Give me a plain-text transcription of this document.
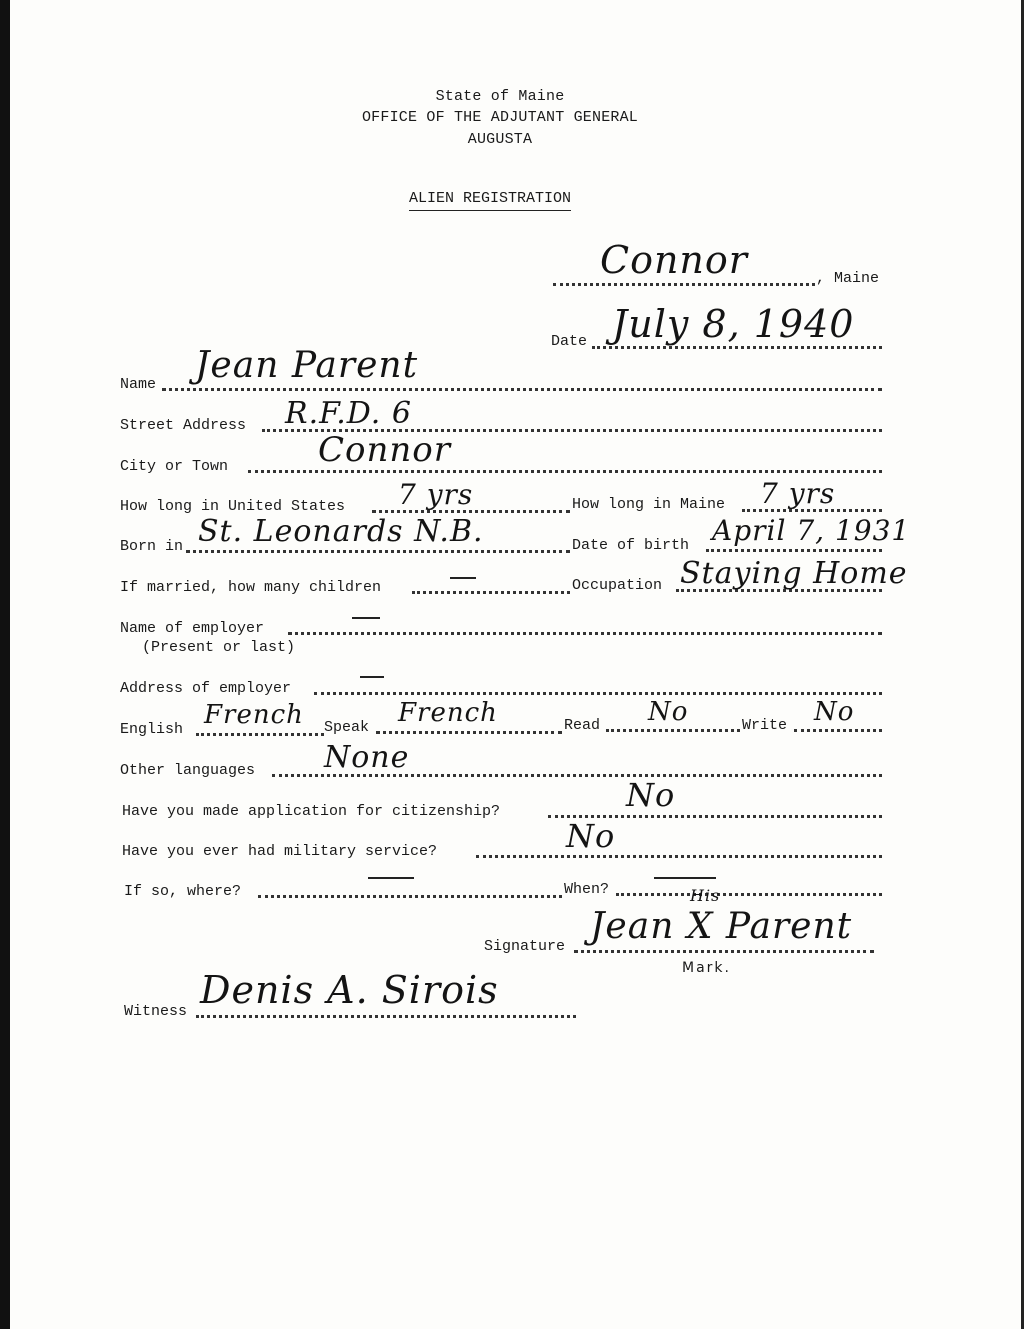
State of Maine
OFFICE OF THE ADJUTANT GENERAL
AUGUSTA
ALIEN REGISTRATION
Connor	, Maine
Date July 8, 1940
Name Jean Parent
Street Address R.F.D. 6
City or Town	Connor
How long in United States 7 yrs	How long in Maine 7 yrs
Born in St. Leonards N.B.	Date of birth April 7, 1931
If married, how many children	Occupation Staying Home
Name of employer
(Present or last)
Address of employer
English French Speak French	Read No	Write No
Other languages None
Have you made application for citizenship?	No
Have you ever had military service?	No
If so, where?	When?
Signature
His
Jean X Parent
Mark.
Witness Denis A. Sirois
